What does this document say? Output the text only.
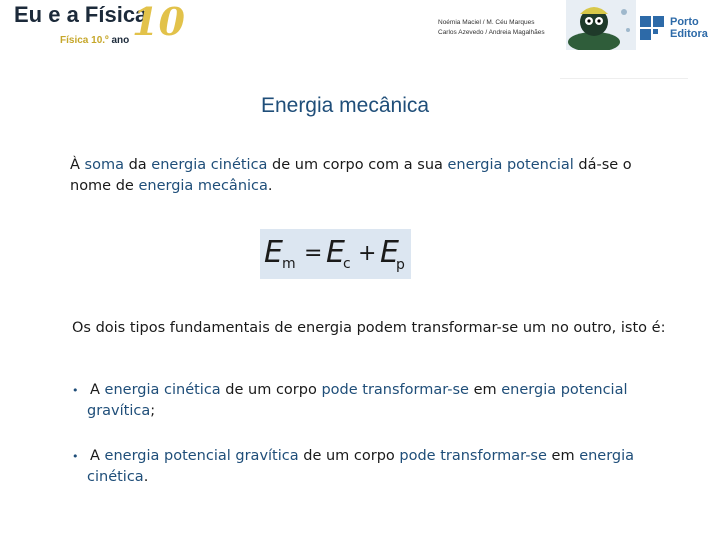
Eu e a Física
10
Física 10.º ano
Noémia Maciel / M. Céu Marques
Carlos Azevedo / Andreia Magalhães
Porto
Editora
Energia mecânica
À soma da energia cinética de um corpo com a sua energia potencial dá-se o nome de energia mecânica.
E m = E
c + E
p
Os dois tipos fundamentais de energia podem transformar-se um no outro, isto é:
• A energia cinética de um corpo pode transformar-se em energia potencial
gravítica;
• A energia potencial gravítica de um corpo pode transformar-se em energia
cinética.
